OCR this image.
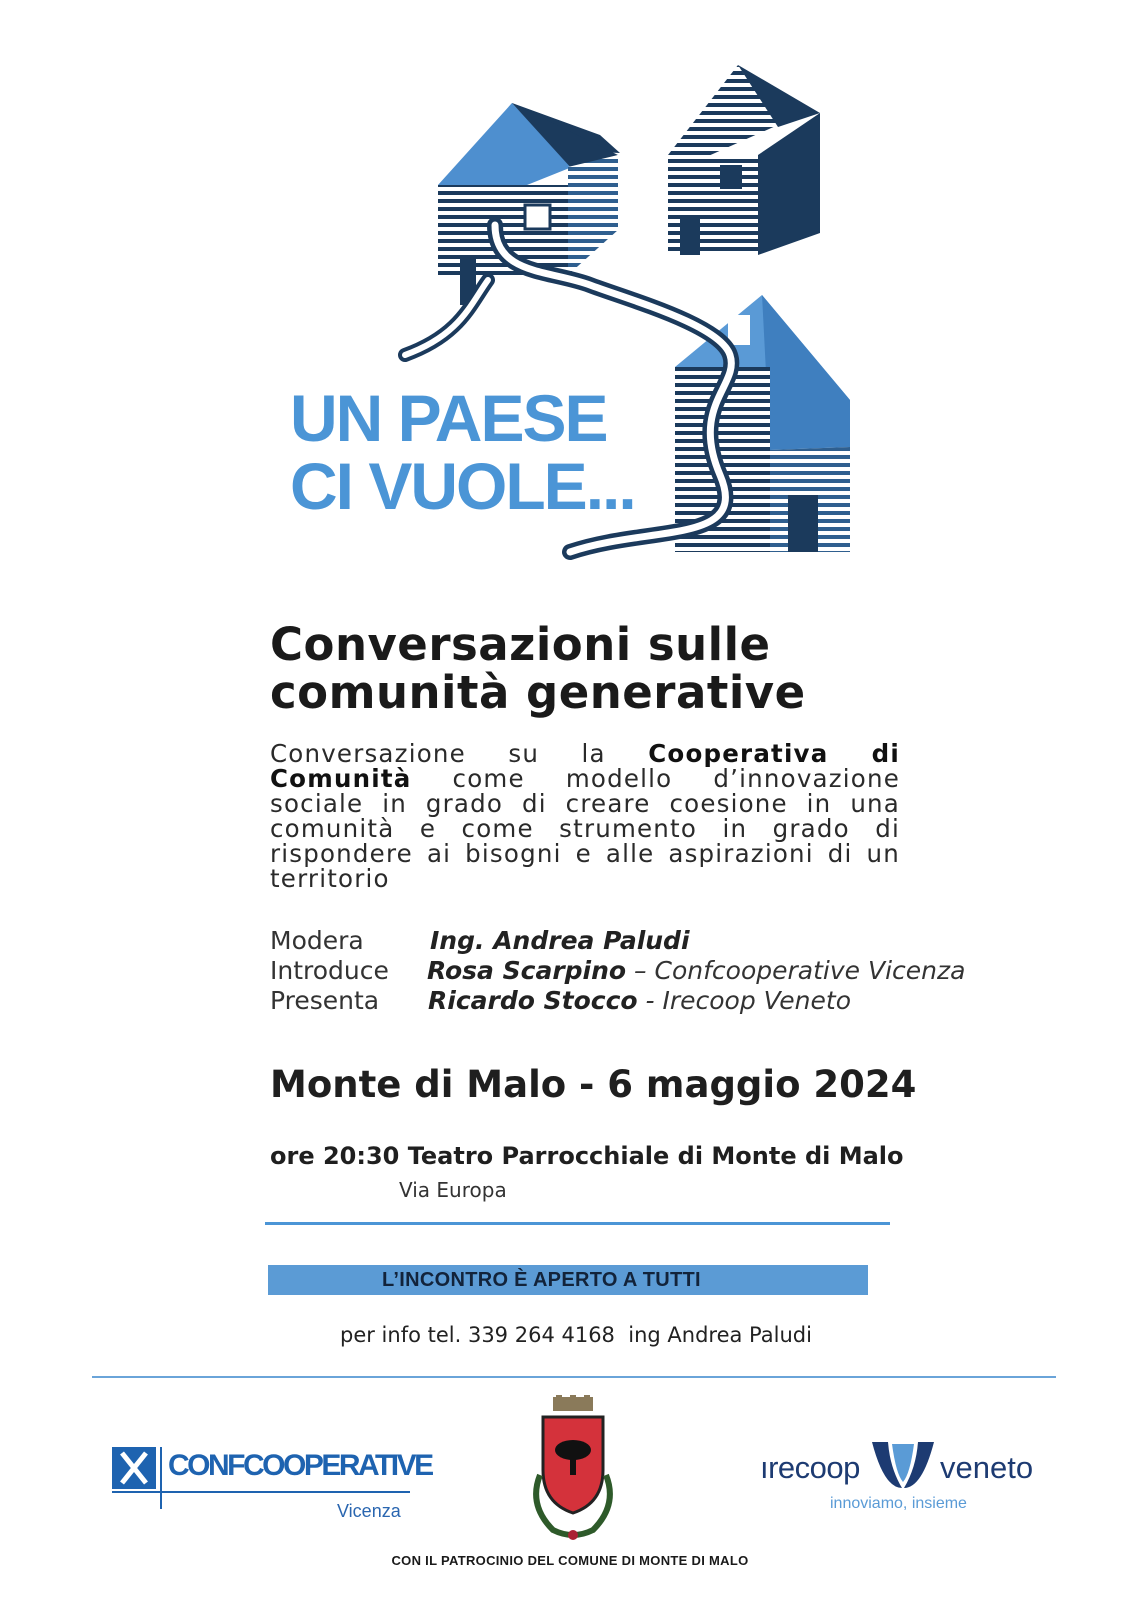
UN PAESE
CI VUOLE...
Conversazioni sulle
comunità generative
Conversazione su la Cooperativa di Comunità come modello d’innovazione sociale in grado di creare coesione in una comunità e come strumento in grado di rispondere ai bisogni e alle aspirazioni di un territorio
Modera	Ing. Andrea Paludi
Introduce Rosa Scarpino – Confcooperative Vicenza
Presenta Ricardo Stocco - Irecoop Veneto
Monte di Malo - 6 maggio 2024
ore 20:30 Teatro Parrocchiale di Monte di Malo
Via Europa
L’INCONTRO È APERTO A TUTTI
per info tel. 339 264 4168  ing Andrea Paludi
CONFCOOPERATIVE
Vicenza
ırecoop	veneto
innoviamo, insieme
CON IL PATROCINIO DEL COMUNE DI MONTE DI MALO
